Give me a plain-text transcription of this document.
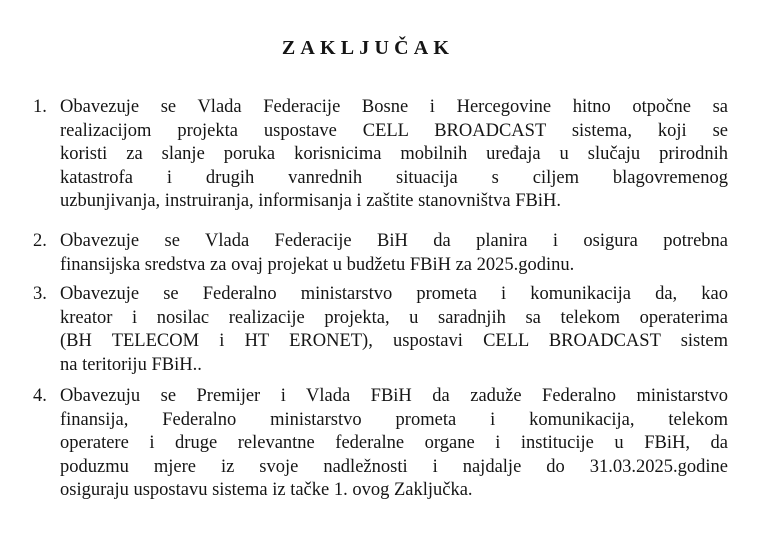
ZAKLJUČAK
1. Obavezuje se Vlada Federacije Bosne i Hercegovine hitno otpočne sa
realizacijom projekta uspostave CELL BROADCAST sistema, koji se
koristi za slanje poruka korisnicima mobilnih uređaja u slučaju prirodnih
katastrofa i drugih vanrednih situacija s ciljem blagovremenog
uzbunjivanja, instruiranja, informisanja i zaštite stanovništva FBiH.
2. Obavezuje se Vlada Federacije BiH da planira i osigura potrebna
finansijska sredstva za ovaj projekat u budžetu FBiH za 2025.godinu.
3. Obavezuje se Federalno ministarstvo prometa i komunikacija da, kao
kreator i nosilac realizacije projekta, u saradnjih sa telekom operaterima
(BH TELECOM i HT ERONET), uspostavi CELL BROADCAST sistem
na teritoriju FBiH..
4. Obavezuju se Premijer i Vlada FBiH da zaduže Federalno ministarstvo
finansija, Federalno ministarstvo prometa i komunikacija, telekom
operatere i druge relevantne federalne organe i institucije u FBiH, da
poduzmu mjere iz svoje nadležnosti i najdalje do 31.03.2025.godine
osiguraju uspostavu sistema iz tačke 1. ovog Zaključka.
